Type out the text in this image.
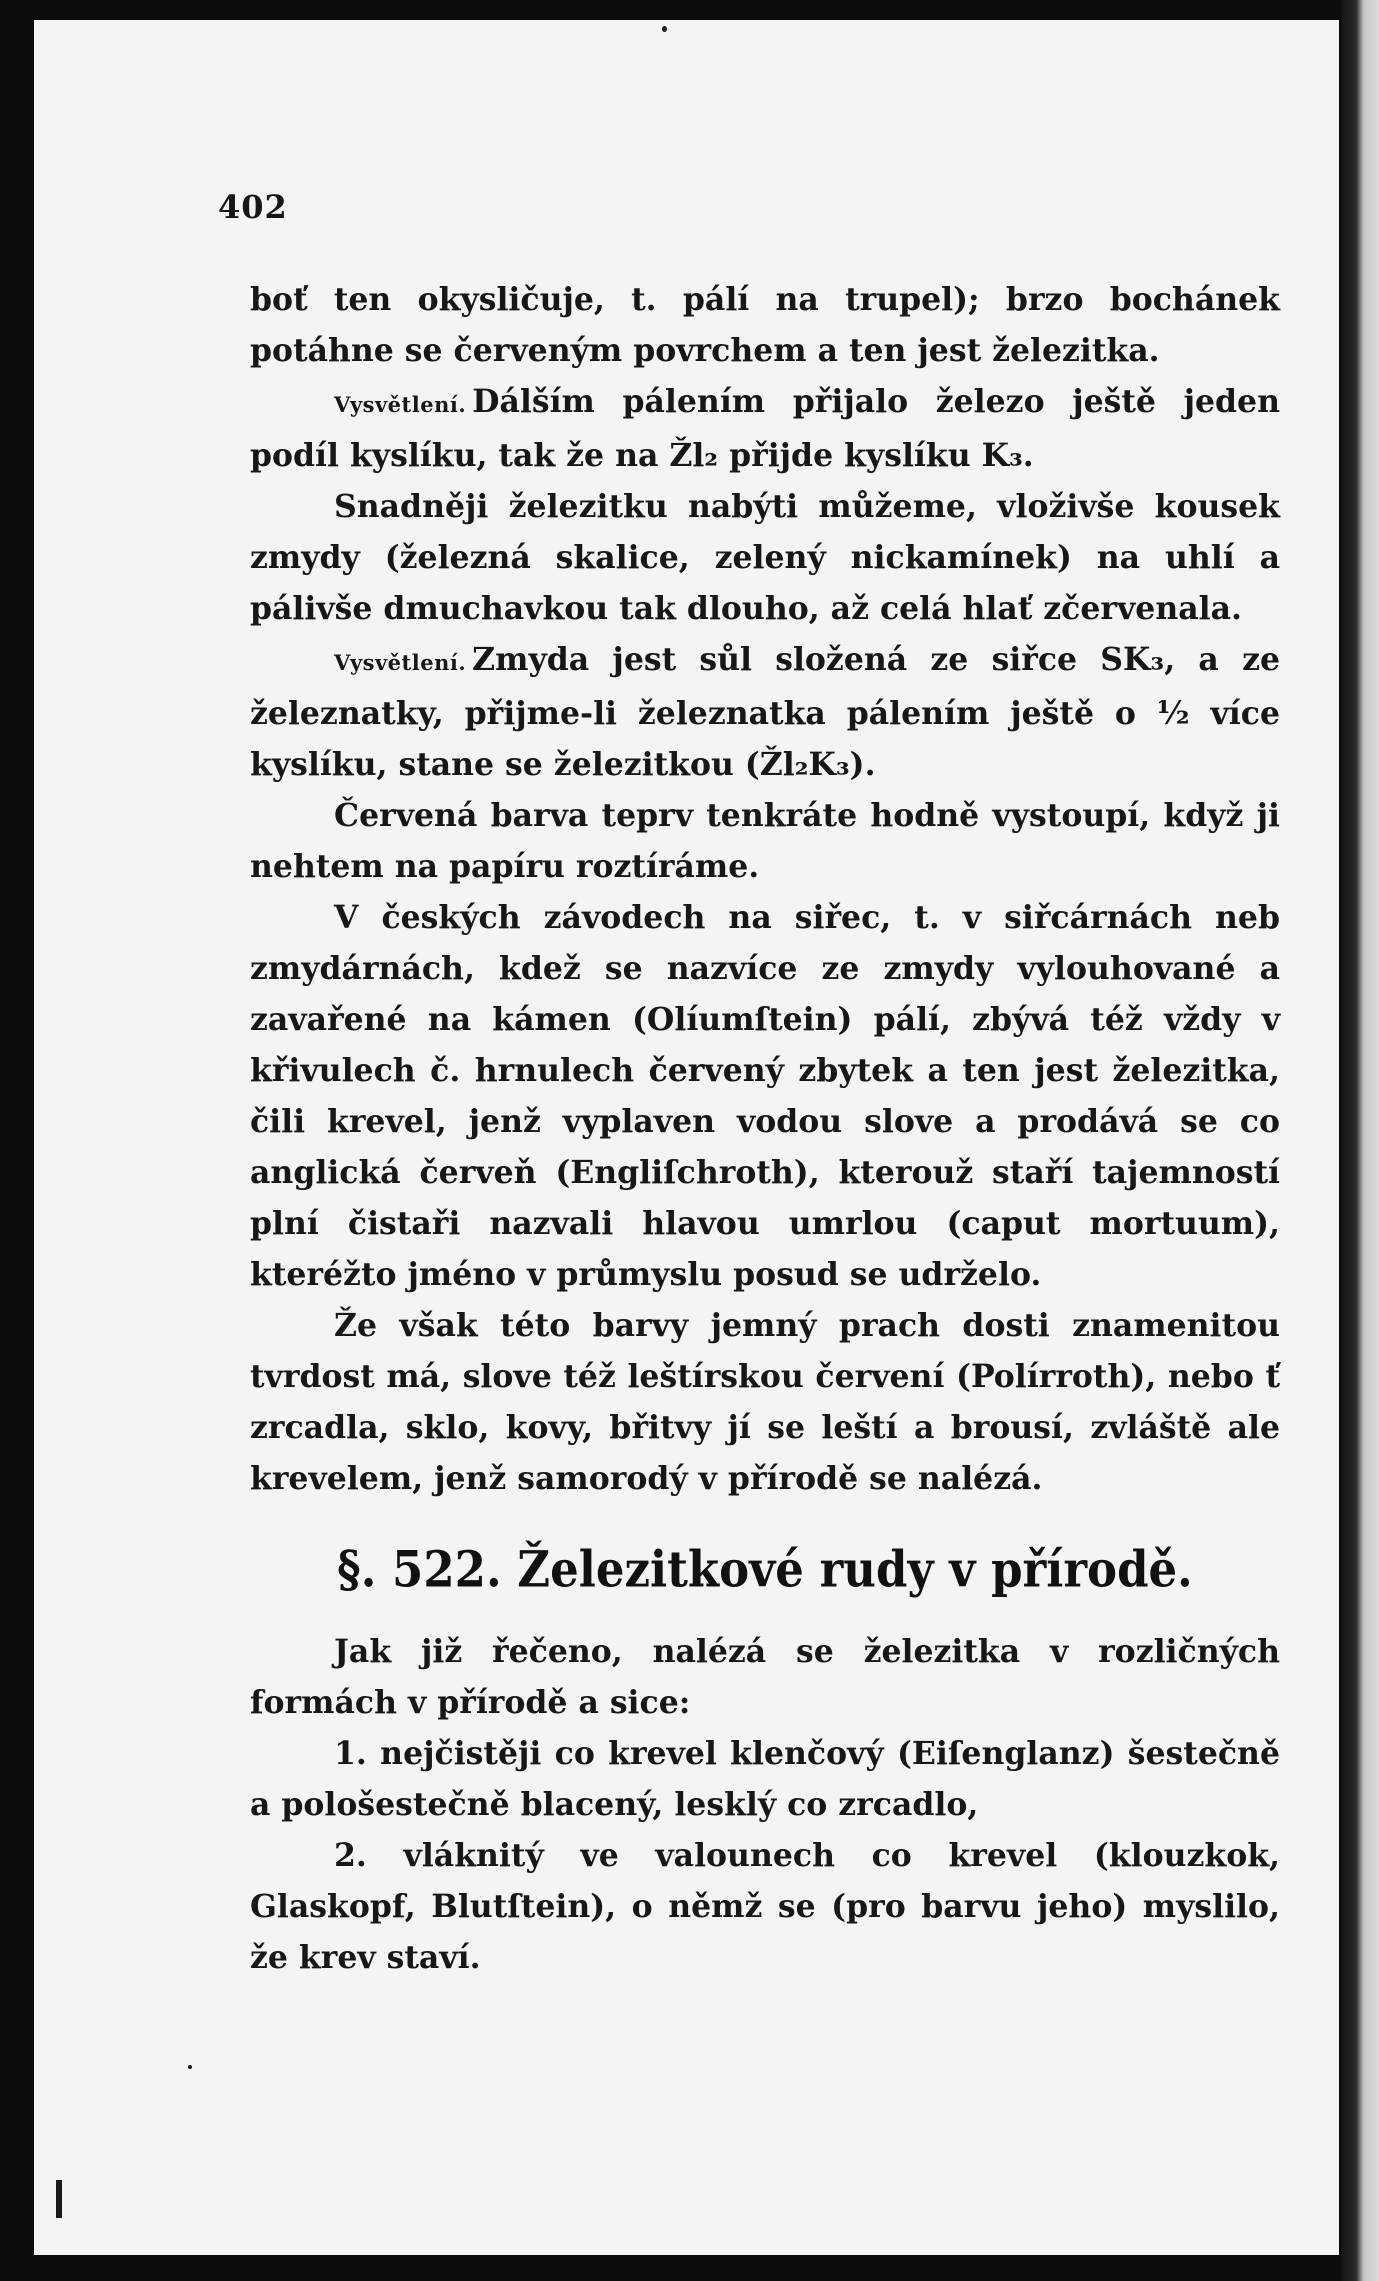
402

boť ten okysličuje, t. pálí na trupel); brzo bochánek potáhne se červeným povrchem a ten jest železitka.

Vysvětlení. Dálším pálením přijalo železo ještě jeden podíl kyslíku, tak že na Žl₂ přijde kyslíku K₃.

Snadněji železitku nabýti můžeme, vloživše kousek zmydy (železná skalice, zelený nickamínek) na uhlí a pálivše dmuchavkou tak dlouho, až celá hlať zčervenala.

Vysvětlení. Zmyda jest sůl složená ze siřce SK₃, a ze železnatky, přijme-li železnatka pálením ještě o ½ více kyslíku, stane se železitkou (Žl₂K₃).

Červená barva teprv tenkráte hodně vystoupí, když ji nehtem na papíru roztíráme.

V českých závodech na siřec, t. v siřcárnách neb zmydárnách, kdež se nazvíce ze zmydy vylouhované a zavařené na kámen (Olíumſtein) pálí, zbývá též vždy v křivulech č. hrnulech červený zbytek a ten jest železitka, čili krevel, jenž vyplaven vodou slove a prodává se co anglická červeň (Engliſchroth), kterouž staří tajemností plní čistaři nazvali hlavou umrlou (caput mortuum), kteréžto jméno v průmyslu posud se udrželo.

Že však této barvy jemný prach dosti znamenitou tvrdost má, slove též leštírskou červení (Polírroth), nebo ť zrcadla, sklo, kovy, břitvy jí se leští a brousí, zvláště ale krevelem, jenž samorodý v přírodě se nalézá.

§. 522. Železitkové rudy v přírodě.

Jak již řečeno, nalézá se železitka v rozličných formách v přírodě a sice:

1. nejčistěji co krevel klenčový (Eiſenglanz) šestečně a pološestečně blacený, lesklý co zrcadlo,

2. vláknitý ve valounech co krevel (klouzkok, Glaskopf, Blutſtein), o němž se (pro barvu jeho) myslilo, že krev staví.
